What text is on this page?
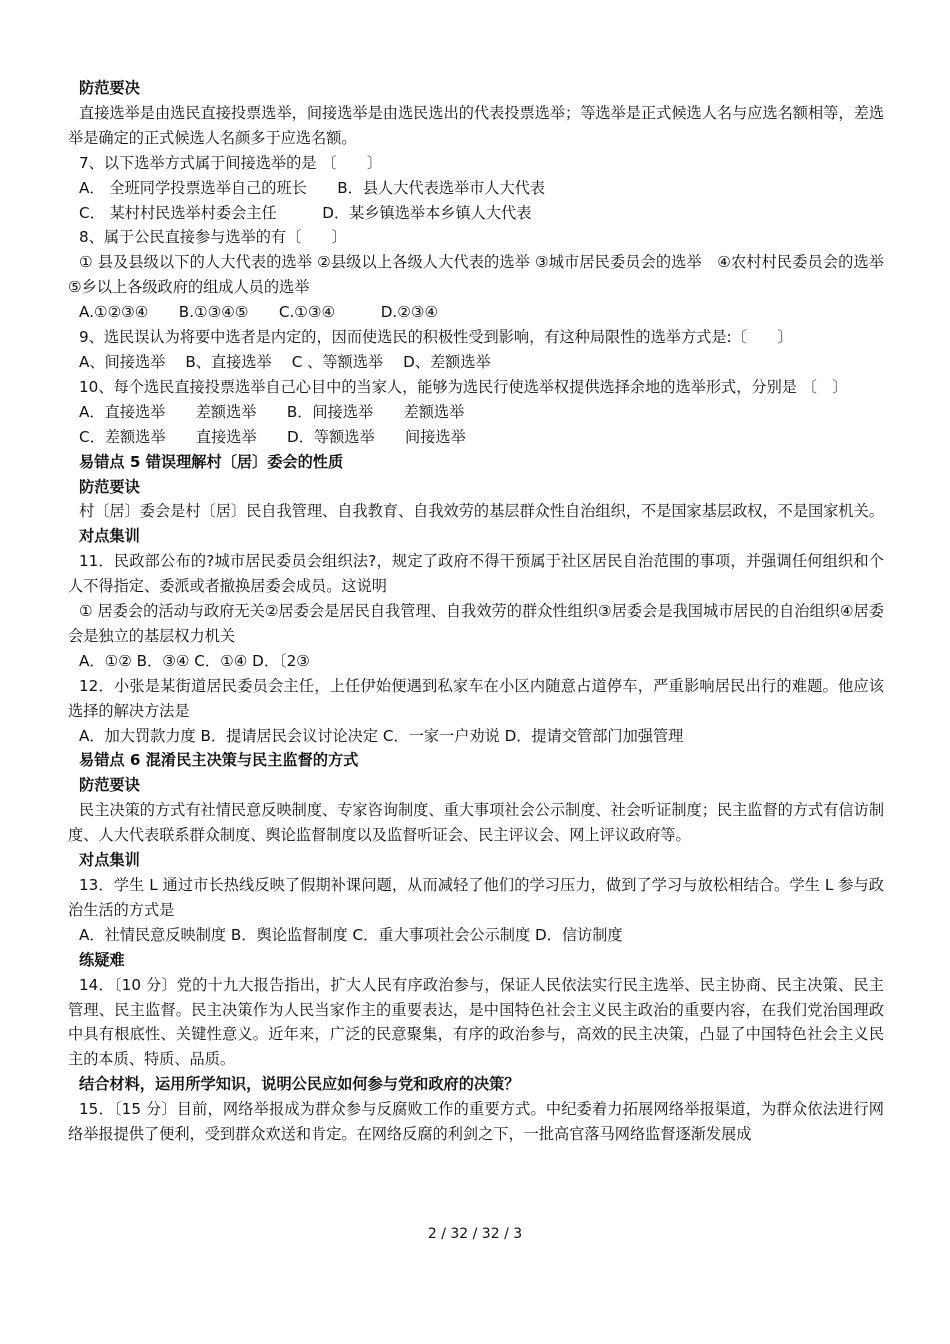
防范要决
直接选举是由选民直接投票选举，间接选举是由选民选出的代表投票选举；等选举是正式候选人名与应选名额相等，差选举是确定的正式候选人名颜多于应选名额。
7、以下选举方式属于间接选举的是 〔　　〕
A． 全班同学投票选举自己的班长　　B．县人大代表选举市人大代表
C． 某村村民选举村委会主任　　　D．某乡镇选举本乡镇人大代表
8、属于公民直接参与选举的有〔　　〕
① 县及县级以下的人大代表的选举 ②县级以上各级人大代表的选举 ③城市居民委员会的选举　④农村村民委员会的选举　⑤乡以上各级政府的组成人员的选举
A.①②③④　　B.①③④⑤　　C.①③④　　　D.②③④
9、选民误认为将要中选者是内定的，因而使选民的积极性受到影响，有这种局限性的选举方式是:〔　　〕
A、间接选举　 B、直接选举　 C 、等额选举　 D、差额选举
10、每个选民直接投票选举自己心目中的当家人，能够为选民行使选举权提供选择余地的选举形式，分别是 〔　〕
A．直接选举　　差额选举　　B．间接选举　　差额选举
C．差额选举　　直接选举　　D．等额选举　　间接选举
易错点 5 错误理解村〔居〕委会的性质
防范要诀
村〔居〕委会是村〔居〕民自我管理、自我教育、自我效劳的基层群众性自治组织，不是国家基层政权，不是国家机关。
对点集训
11．民政部公布的?城市居民委员会组织法?，规定了政府不得干预属于社区居民自治范围的事项，并强调任何组织和个人不得指定、委派或者撤换居委会成员。这说明
① 居委会的活动与政府无关②居委会是居民自我管理、自我效劳的群众性组织③居委会是我国城市居民的自治组织④居委会是独立的基层权力机关
A．①② B．③④ C．①④ D．〔2③
12．小张是某街道居民委员会主任，上任伊始便遇到私家车在小区内随意占道停车，严重影响居民出行的难题。他应该选择的解决方法是
A．加大罚款力度 B．提请居民会议讨论决定 C．一家一户劝说 D．提请交管部门加强管理
易错点 6 混淆民主决策与民主监督的方式
防范要诀
民主决策的方式有社情民意反映制度、专家咨询制度、重大事项社会公示制度、社会听证制度；民主监督的方式有信访制度、人大代表联系群众制度、舆论监督制度以及监督听证会、民主评议会、网上评议政府等。
对点集训
13．学生 L 通过市长热线反映了假期补课问题，从而减轻了他们的学习压力，做到了学习与放松相结合。学生 L 参与政治生活的方式是
A．社情民意反映制度 B．舆论监督制度 C．重大事项社会公示制度 D．信访制度
练疑难
14．〔10 分〕党的十九大报告指出，扩大人民有序政治参与，保证人民依法实行民主选举、民主协商、民主决策、民主管理、民主监督。民主决策作为人民当家作主的重要表达，是中国特色社会主义民主政治的重要内容，在我们党治国理政中具有根底性、关键性意义。近年来，广泛的民意聚集，有序的政治参与，高效的民主决策，凸显了中国特色社会主义民主的本质、特质、品质。
结合材料，运用所学知识，说明公民应如何参与党和政府的决策？
15．〔15 分〕目前，网络举报成为群众参与反腐败工作的重要方式。中纪委着力拓展网络举报渠道，为群众依法进行网络举报提供了便利，受到群众欢送和肯定。在网络反腐的利剑之下，一批高官落马网络监督逐渐发展成
2 / 32 / 32 / 3
